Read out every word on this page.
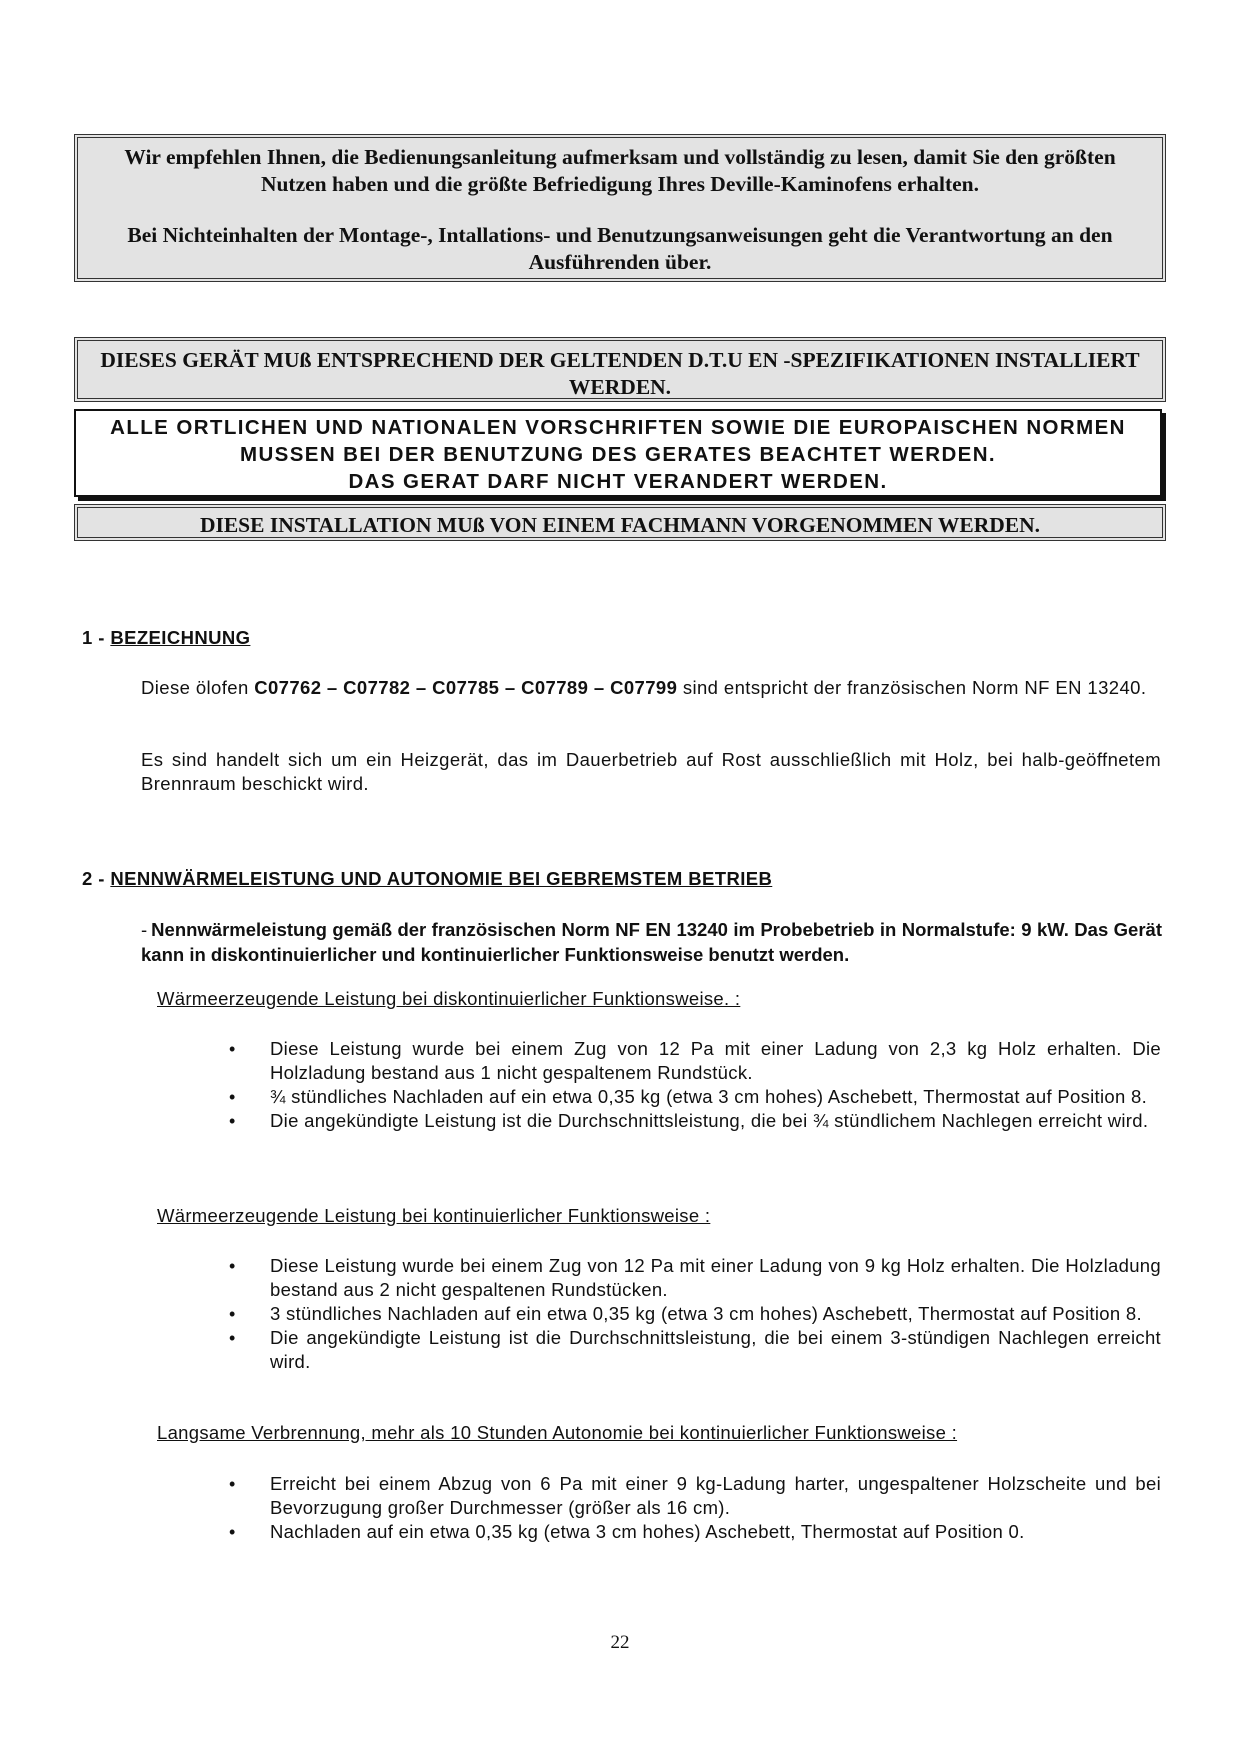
Wir empfehlen Ihnen, die Bedienungsanleitung aufmerksam und vollständig zu lesen, damit Sie den größten Nutzen haben und die größte Befriedigung Ihres Deville-Kaminofens erhalten.

Bei Nichteinhalten der Montage-, Intallations- und Benutzungsanweisungen geht die Verantwortung an den Ausführenden über.

DIESES GERÄT MUß ENTSPRECHEND DER GELTENDEN D.T.U EN -SPEZIFIKATIONEN INSTALLIERT WERDEN.
ALLE ORTLICHEN UND NATIONALEN VORSCHRIFTEN SOWIE DIE EUROPAISCHEN NORMEN
MUSSEN BEI DER BENUTZUNG DES GERATES BEACHTET WERDEN.
DAS GERAT DARF NICHT VERANDERT WERDEN.
DIESE INSTALLATION MUß VON EINEM FACHMANN VORGENOMMEN WERDEN.
1 - BEZEICHNUNG
Diese ölofen C07762 – C07782 – C07785 – C07789 – C07799 sind entspricht der französischen Norm NF EN 13240.
Es sind handelt sich um ein Heizgerät, das im Dauerbetrieb auf Rost ausschließlich mit Holz, bei halb-geöffnetem Brennraum beschickt wird.
2 - NENNWÄRMELEISTUNG UND AUTONOMIE BEI GEBREMSTEM BETRIEB
- Nennwärmeleistung gemäß der französischen Norm NF EN 13240 im Probebetrieb in Normalstufe: 9 kW. Das Gerät kann in diskontinuierlicher und kontinuierlicher Funktionsweise benutzt werden.
Wärmeerzeugende Leistung bei diskontinuierlicher Funktionsweise. :
• Diese Leistung wurde bei einem Zug von 12 Pa mit einer Ladung von 2,3 kg Holz erhalten. Die Holzladung bestand aus 1 nicht gespaltenem Rundstück.
• ¾ stündliches Nachladen auf ein etwa 0,35 kg (etwa 3 cm hohes) Aschebett, Thermostat auf Position 8.
• Die angekündigte Leistung ist die Durchschnittsleistung, die bei ¾ stündlichem Nachlegen erreicht wird.
Wärmeerzeugende Leistung bei kontinuierlicher Funktionsweise :
• Diese Leistung wurde bei einem Zug von 12 Pa mit einer Ladung von 9 kg Holz erhalten. Die Holzladung bestand aus 2 nicht gespaltenen Rundstücken.
• 3 stündliches Nachladen auf ein etwa 0,35 kg (etwa 3 cm hohes) Aschebett, Thermostat auf Position 8.
• Die angekündigte Leistung ist die Durchschnittsleistung, die bei einem 3-stündigen Nachlegen erreicht wird.
Langsame Verbrennung, mehr als 10 Stunden Autonomie bei kontinuierlicher Funktionsweise :
• Erreicht bei einem Abzug von 6 Pa mit einer 9 kg-Ladung harter, ungespaltener Holzscheite und bei Bevorzugung großer Durchmesser (größer als 16 cm).
• Nachladen auf ein etwa 0,35 kg (etwa 3 cm hohes) Aschebett, Thermostat auf Position 0.
22
